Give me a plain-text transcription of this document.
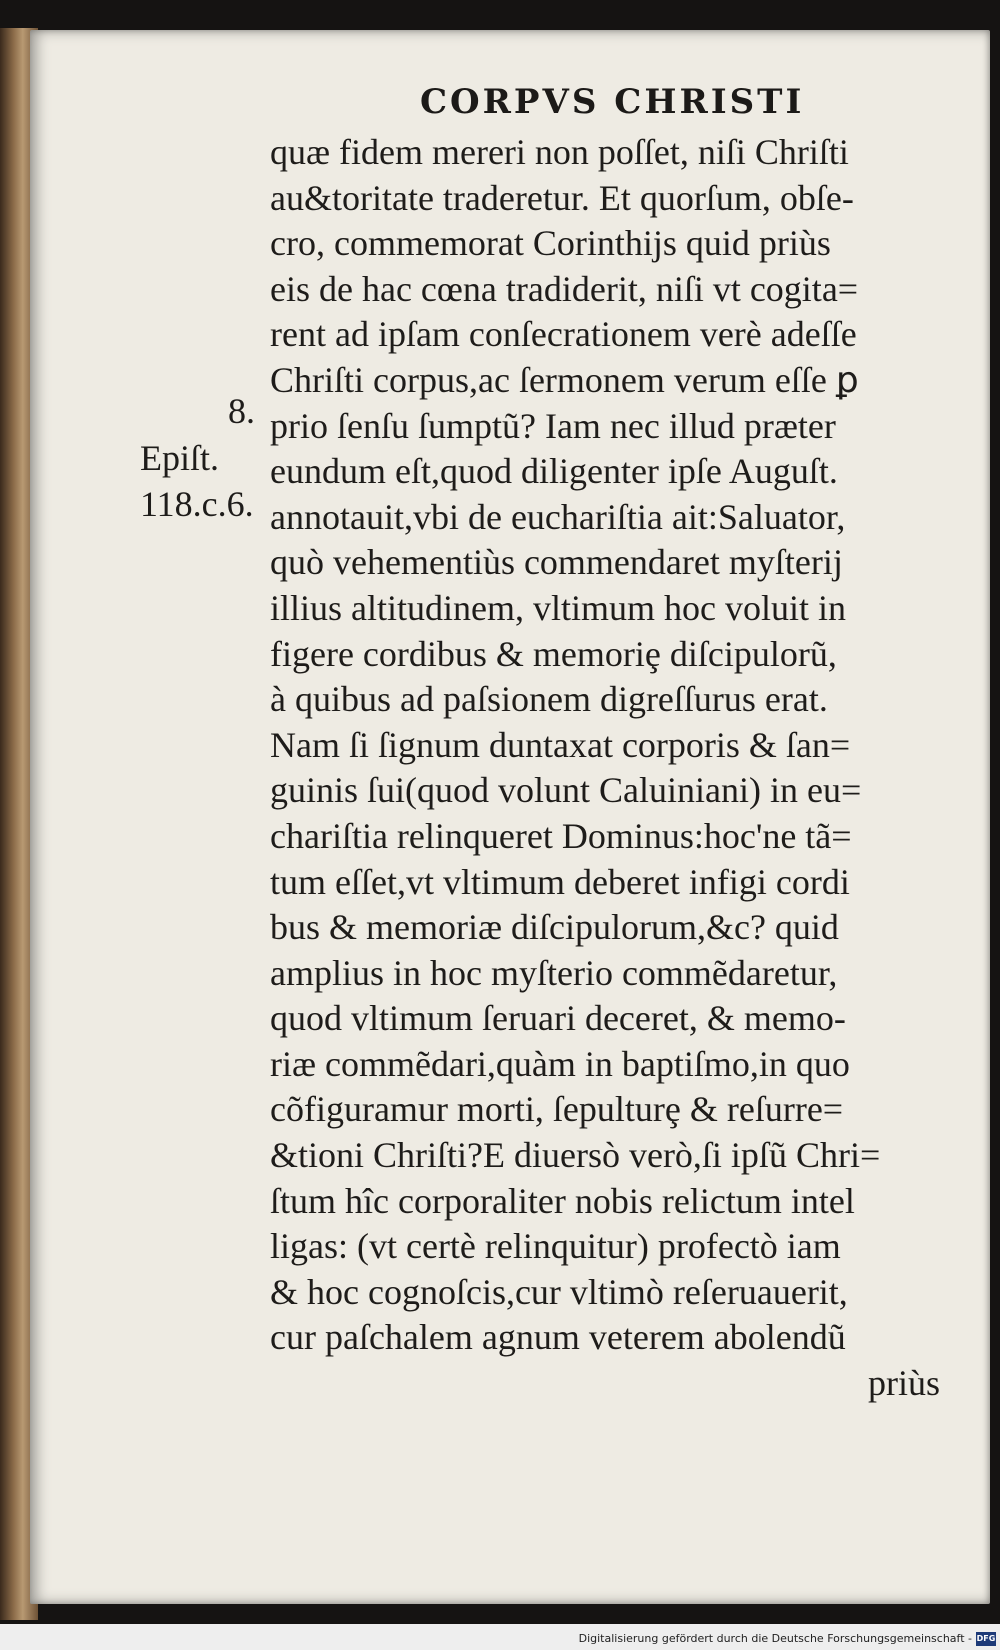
CORPVS CHRISTI
8.
Epiſt.
118.c.6.
quæ fidem mereri non poſſet, niſi Chriſti
au&toritate traderetur. Et quorſum, obſe-
cro, commemorat Corinthijs quid priùs
eis de hac cœna tradiderit, niſi vt cogita=
rent ad ipſam conſecrationem verè adeſſe
Chriſti corpus,ac ſermonem verum eſſe ꝑ
prio ſenſu ſumptũ? Iam nec illud præter
eundum eſt,quod diligenter ipſe Auguſt.
annotauit,vbi de euchariſtia ait:Saluator,
quò vehementiùs commendaret myſterij
illius altitudinem, vltimum hoc voluit in
figere cordibus & memoriȩ diſcipulorũ,
à quibus ad paſsionem digreſſurus erat.
Nam ſi ſignum duntaxat corporis & ſan=
guinis ſui(quod volunt Caluiniani) in eu=
chariſtia relinqueret Dominus:hoc'ne tã=
tum eſſet,vt vltimum deberet infigi cordi
bus & memoriæ diſcipulorum,&c? quid
amplius in hoc myſterio commẽdaretur,
quod vltimum ſeruari deceret, & memo-
riæ commẽdari,quàm in baptiſmo,in quo
cõfiguramur morti, ſepulturȩ & reſurre=
&tioni Chriſti?E diuersò verò,ſi ipſũ Chri=
ſtum hîc corporaliter nobis relictum intel
ligas: (vt certè relinquitur) profectò iam
& hoc cognoſcis,cur vltimò reſeruauerit,
cur paſchalem agnum veterem abolendũ
priùs
Digitalisierung gefördert durch die Deutsche Forschungsgemeinschaft - DFG
